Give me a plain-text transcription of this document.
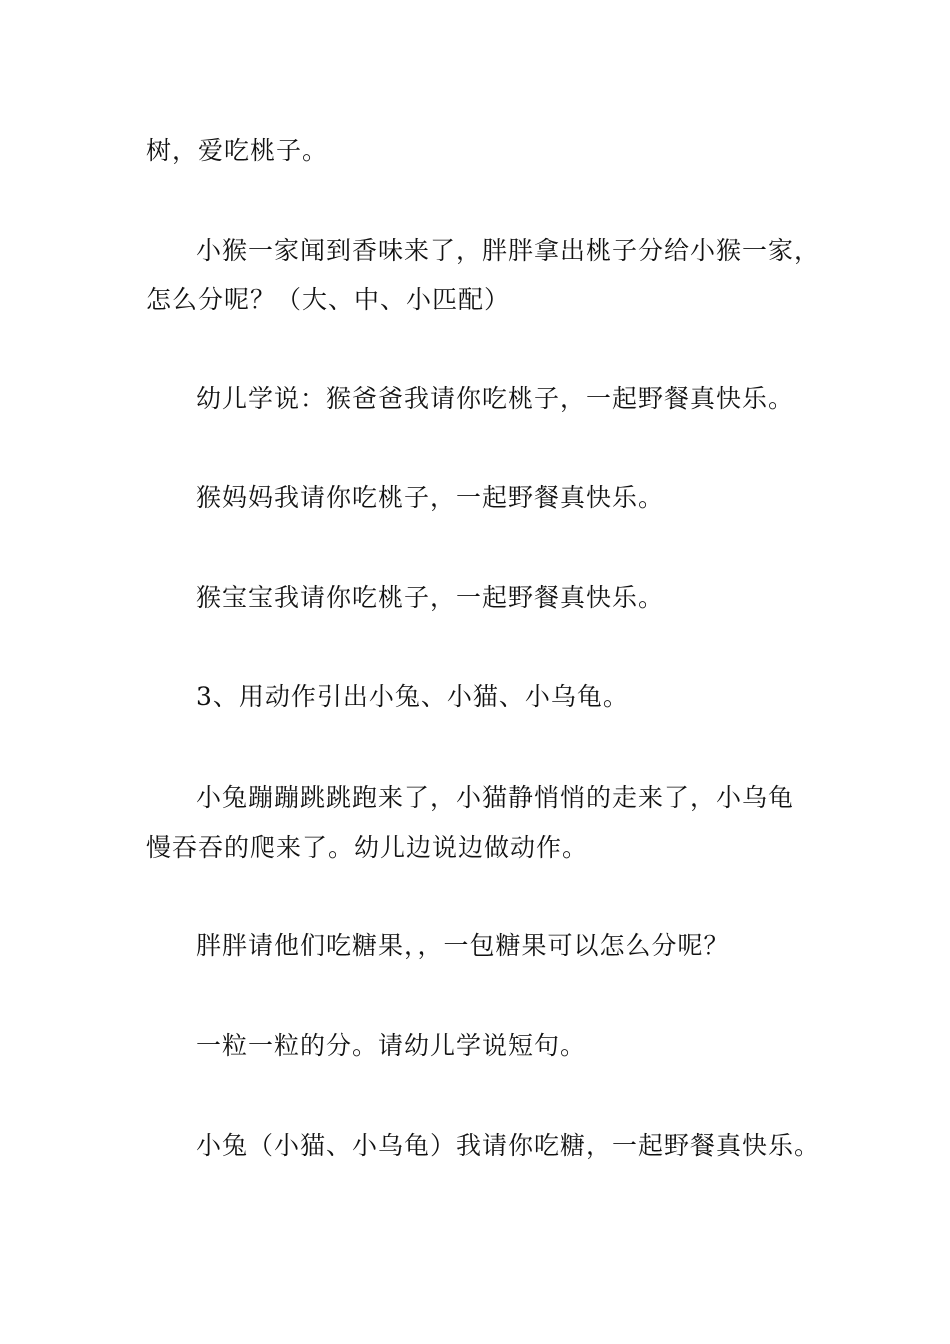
树，爱吃桃子。
小猴一家闻到香味来了，胖胖拿出桃子分给小猴一家，
怎么分呢？（大、中、小匹配）
幼儿学说：猴爸爸我请你吃桃子，一起野餐真快乐。
猴妈妈我请你吃桃子，一起野餐真快乐。
猴宝宝我请你吃桃子，一起野餐真快乐。
3、用动作引出小兔、小猫、小乌龟。
小兔蹦蹦跳跳跑来了，小猫静悄悄的走来了，小乌龟
慢吞吞的爬来了。幼儿边说边做动作。
胖胖请他们吃糖果，，一包糖果可以怎么分呢？
一粒一粒的分。请幼儿学说短句。
小兔（小猫、小乌龟）我请你吃糖，一起野餐真快乐。
